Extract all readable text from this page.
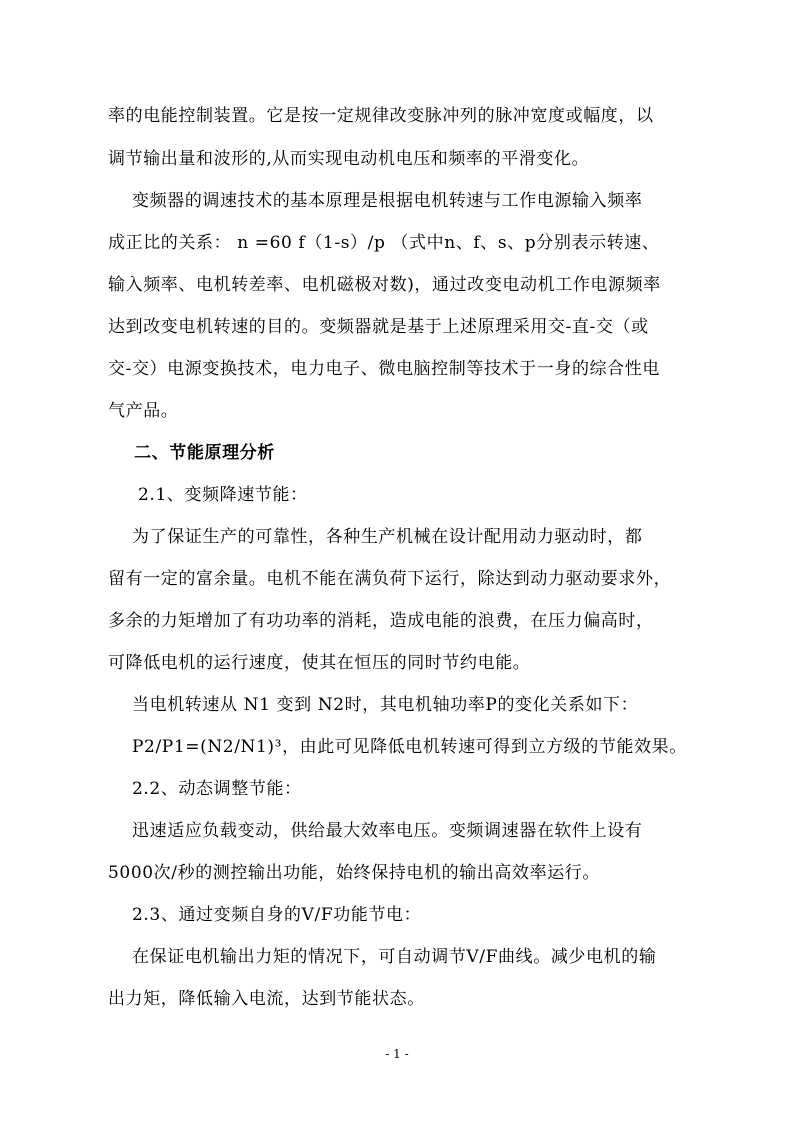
率的电能控制装置。它是按一定规律改变脉冲列的脉冲宽度或幅度，以
调节输出量和波形的,从而实现电动机电压和频率的平滑变化。
变频器的调速技术的基本原理是根据电机转速与工作电源输入频率
成正比的关系： n =60 f（1-s）/p （式中n、f、s、p分别表示转速、
输入频率、电机转差率、电机磁极对数)，通过改变电动机工作电源频率
达到改变电机转速的目的。变频器就是基于上述原理采用交-直-交（或
交-交）电源变换技术，电力电子、微电脑控制等技术于一身的综合性电
气产品。
二、节能原理分析
2.1、变频降速节能：
为了保证生产的可靠性，各种生产机械在设计配用动力驱动时，都
留有一定的富余量。电机不能在满负荷下运行，除达到动力驱动要求外，
多余的力矩增加了有功功率的消耗，造成电能的浪费，在压力偏高时，
可降低电机的运行速度，使其在恒压的同时节约电能。
当电机转速从 N1 变到 N2时，其电机轴功率P的变化关系如下：
P2/P1=(N2/N1)³，由此可见降低电机转速可得到立方级的节能效果。
2.2、动态调整节能：
迅速适应负载变动，供给最大效率电压。变频调速器在软件上设有
5000次/秒的测控输出功能，始终保持电机的输出高效率运行。
2.3、通过变频自身的V/F功能节电：
在保证电机输出力矩的情况下，可自动调节V/F曲线。减少电机的输
出力矩，降低输入电流，达到节能状态。
- 1 -
